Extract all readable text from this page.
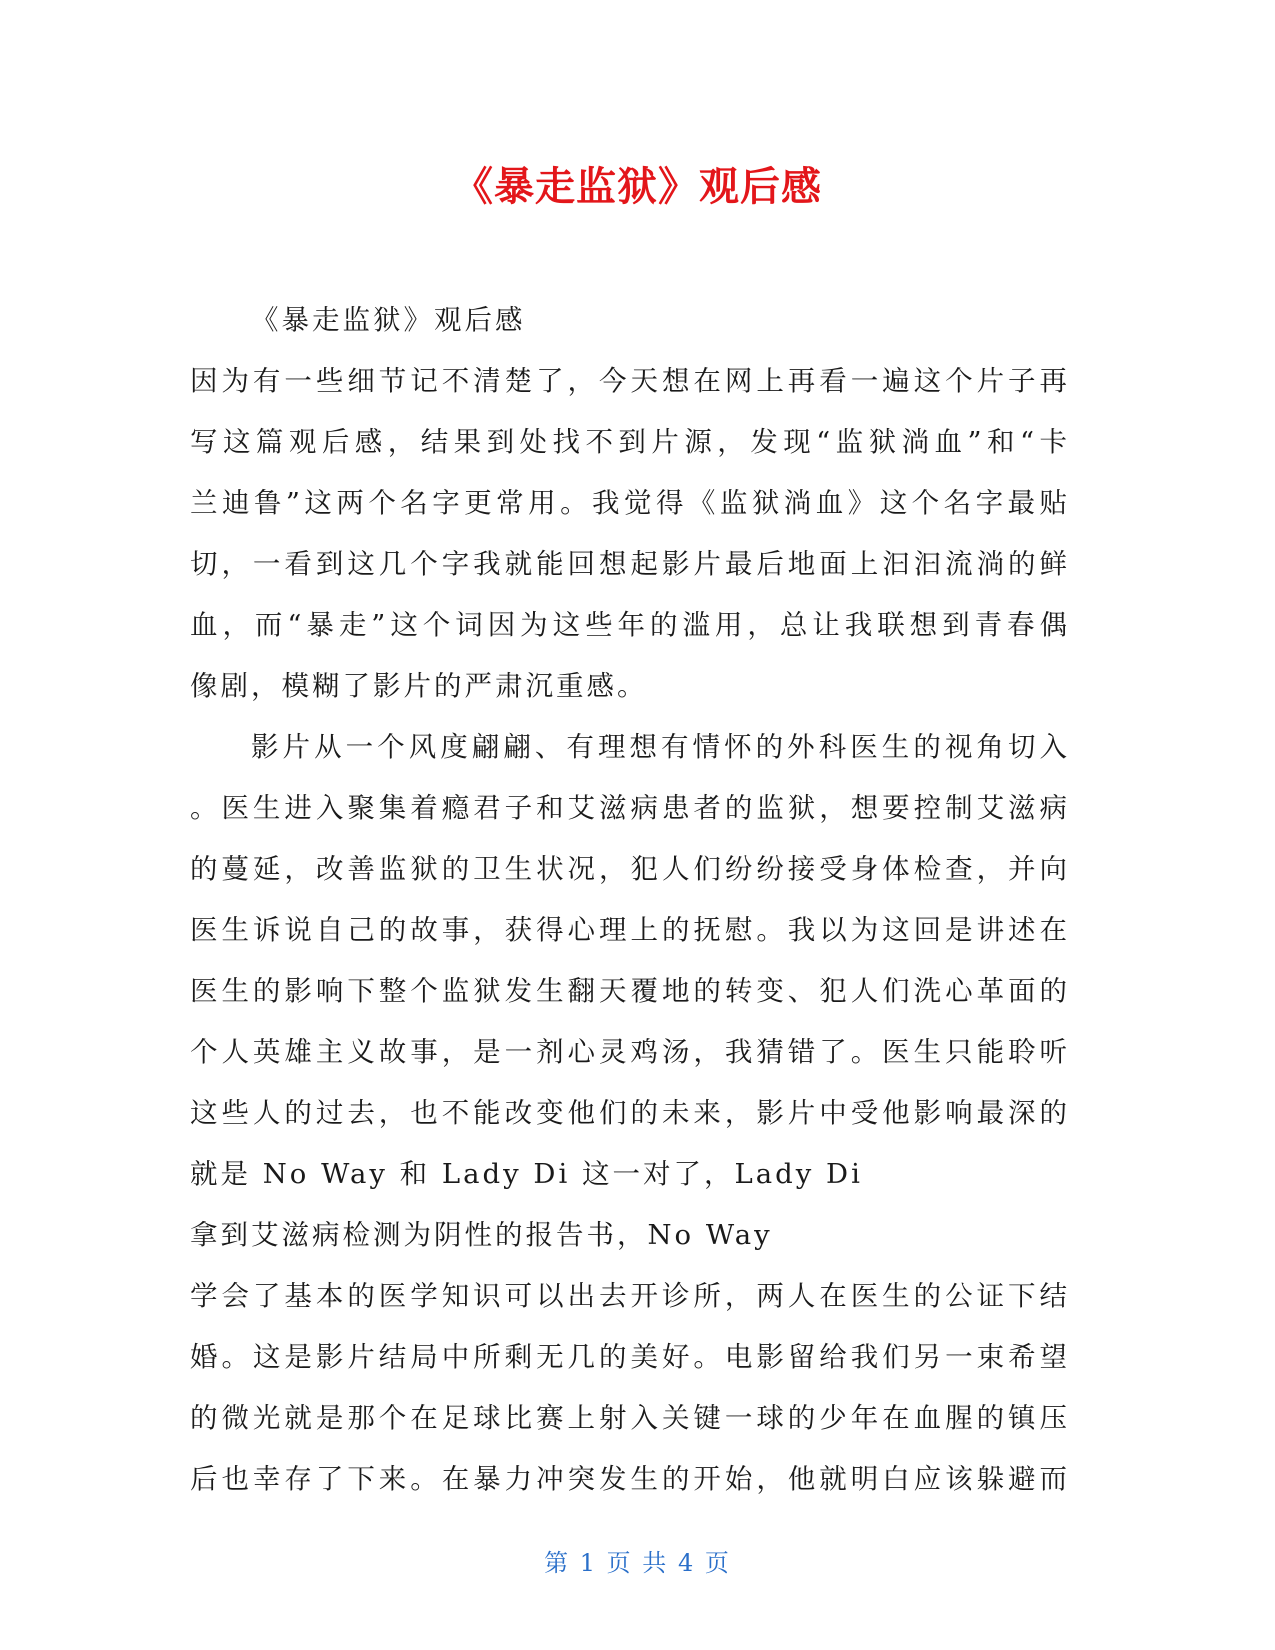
《暴走监狱》观后感
《暴走监狱》观后感
因为有一些细节记不清楚了，今天想在网上再看一遍这个片子再
写这篇观后感，结果到处找不到片源，发现“监狱淌血”和“卡
兰迪鲁”这两个名字更常用。我觉得《监狱淌血》这个名字最贴
切，一看到这几个字我就能回想起影片最后地面上汩汩流淌的鲜
血，而“暴走”这个词因为这些年的滥用，总让我联想到青春偶
像剧，模糊了影片的严肃沉重感。
影片从一个风度翩翩、有理想有情怀的外科医生的视角切入
。医生进入聚集着瘾君子和艾滋病患者的监狱，想要控制艾滋病
的蔓延，改善监狱的卫生状况，犯人们纷纷接受身体检查，并向
医生诉说自己的故事，获得心理上的抚慰。我以为这回是讲述在
医生的影响下整个监狱发生翻天覆地的转变、犯人们洗心革面的
个人英雄主义故事，是一剂心灵鸡汤，我猜错了。医生只能聆听
这些人的过去，也不能改变他们的未来，影片中受他影响最深的
就是 No Way 和 Lady Di 这一对了，Lady Di
拿到艾滋病检测为阴性的报告书，No Way
学会了基本的医学知识可以出去开诊所，两人在医生的公证下结
婚。这是影片结局中所剩无几的美好。电影留给我们另一束希望
的微光就是那个在足球比赛上射入关键一球的少年在血腥的镇压
后也幸存了下来。在暴力冲突发生的开始，他就明白应该躲避而
第 1 页 共 4 页
